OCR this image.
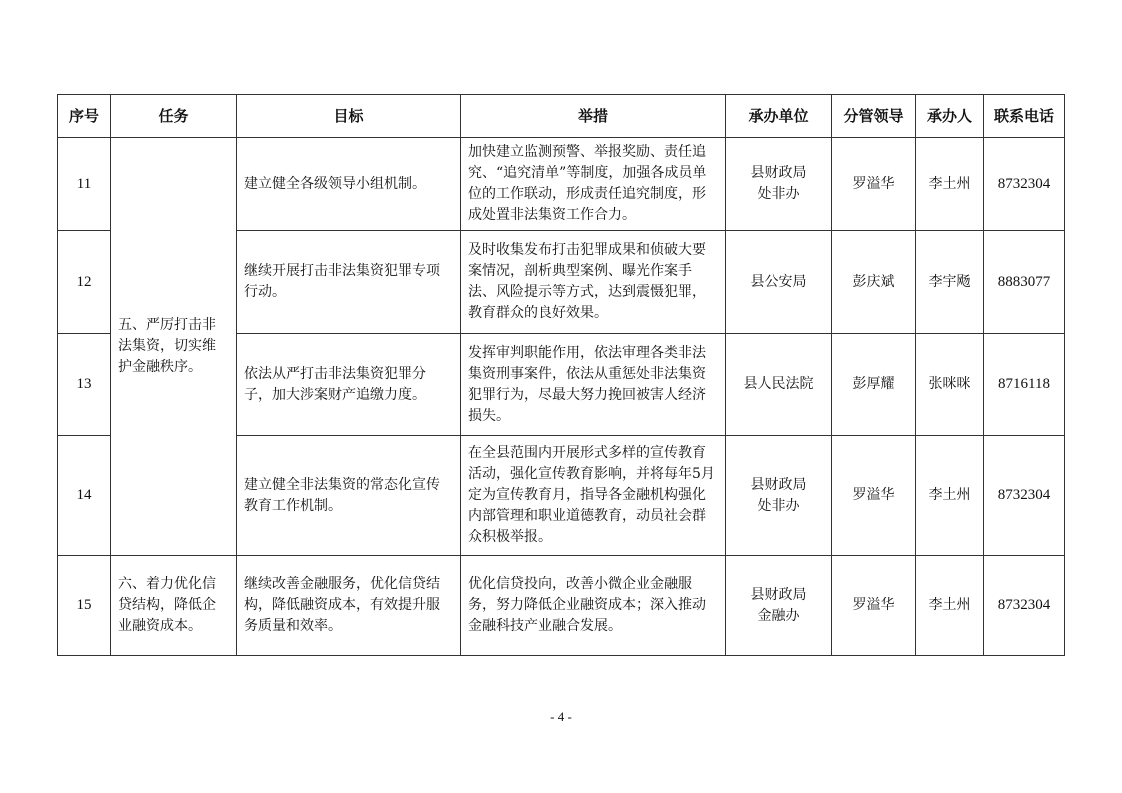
序号	任务	目标	举措	承办单位	分管领导	承办人	联系电话
11	五、严厉打击非法集资，切实维护金融秩序。	建立健全各级领导小组机制。	加快建立监测预警、举报奖励、责任追究、“追究清单”等制度，加强各成员单位的工作联动，形成责任追究制度，形成处置非法集资工作合力。	县财政局
处非办	罗溢华	李土州	8732304
12		继续开展打击非法集资犯罪专项行动。	及时收集发布打击犯罪成果和侦破大要案情况，剖析典型案例、曝光作案手法、风险提示等方式，达到震慑犯罪，教育群众的良好效果。	县公安局	彭庆斌	李宇飏	8883077
13		依法从严打击非法集资犯罪分子，加大涉案财产追缴力度。	发挥审判职能作用，依法审理各类非法集资刑事案件，依法从重惩处非法集资犯罪行为，尽最大努力挽回被害人经济损失。	县人民法院	彭厚耀	张咪咪	8716118
14		建立健全非法集资的常态化宣传教育工作机制。	在全县范围内开展形式多样的宣传教育活动，强化宣传教育影响，并将每年5月定为宣传教育月，指导各金融机构强化内部管理和职业道德教育，动员社会群众积极举报。	县财政局
处非办	罗溢华	李土州	8732304
15	六、着力优化信贷结构，降低企业融资成本。	继续改善金融服务，优化信贷结构，降低融资成本，有效提升服务质量和效率。	优化信贷投向，改善小微企业金融服务，努力降低企业融资成本；深入推动金融科技产业融合发展。	县财政局
金融办	罗溢华	李土州	8732304
- 4 -
